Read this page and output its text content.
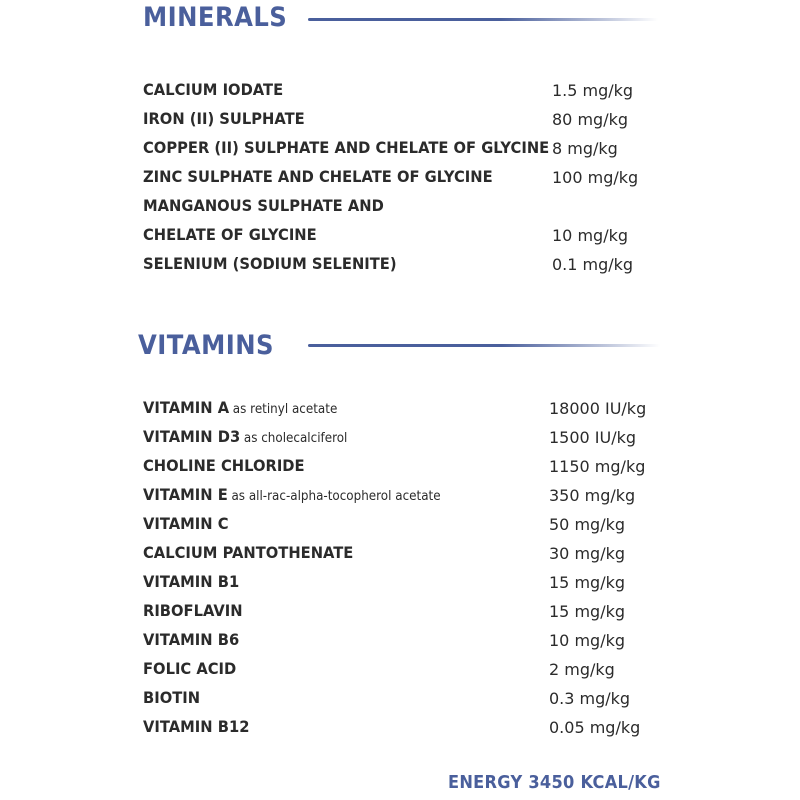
MINERALS
CALCIUM IODATE	1.5 mg/kg
IRON (II) SULPHATE	80 mg/kg
COPPER (II) SULPHATE AND CHELATE OF GLYCINE 8 mg/kg
ZINC SULPHATE AND CHELATE OF GLYCINE	100 mg/kg
MANGANOUS SULPHATE AND
CHELATE OF GLYCINE	10 mg/kg
SELENIUM (SODIUM SELENITE)	0.1 mg/kg
VITAMINS
VITAMIN A as retinyl acetate	18000 IU/kg
VITAMIN D3 as cholecalciferol	1500 IU/kg
CHOLINE CHLORIDE	1150 mg/kg
VITAMIN E as all-rac-alpha-tocopherol acetate	350 mg/kg
VITAMIN C	50 mg/kg
CALCIUM PANTOTHENATE	30 mg/kg
VITAMIN B1	15 mg/kg
RIBOFLAVIN	15 mg/kg
VITAMIN B6	10 mg/kg
FOLIC ACID	2 mg/kg
BIOTIN	0.3 mg/kg
VITAMIN B12	0.05 mg/kg
ENERGY 3450 KCAL/KG
